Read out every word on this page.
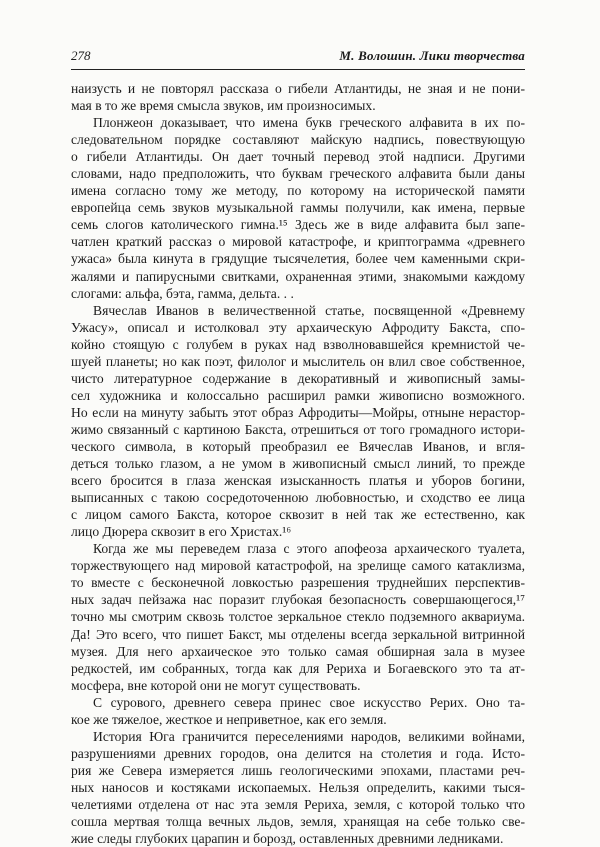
278	М. Волошин. Лики творчества

наизусть и не повторял рассказа о гибели Атлантиды, не зная и не пони-
мая в то же время смысла звуков, им произносимых.

Плонжеон доказывает, что имена букв греческого алфавита в их по-
следовательном порядке составляют майскую надпись, повествующую
о гибели Атлантиды. Он дает точный перевод этой надписи. Другими
словами, надо предположить, что буквам греческого алфавита были даны
имена согласно тому же методу, по которому на исторической памяти
европейца семь звуков музыкальной гаммы получили, как имена, первые
семь слогов католического гимна.¹⁵ Здесь же в виде алфавита был запе-
чатлен краткий рассказ о мировой катастрофе, и криптограмма «древнего
ужаса» была кинута в грядущие тысячелетия, более чем каменными скри-
жалями и папирусными свитками, охраненная этими, знакомыми каждому
слогами: альфа, бэта, гамма, дельта. . .

Вячеслав Иванов в величественной статье, посвященной «Древнему
Ужасу», описал и истолковал эту архаическую Афродиту Бакста, спо-
койно стоящую с голубем в руках над взволновавшейся кремнистой че-
шуей планеты; но как поэт, филолог и мыслитель он влил свое собственное,
чисто литературное содержание в декоративный и живописный замы-
сел художника и колоссально расширил рамки живописно возможного.
Но если на минуту забыть этот образ Афродиты—Мойры, отныне нерастор-
жимо связанный с картиною Бакста, отрешиться от того громадного истори-
ческого символа, в который преобразил ее Вячеслав Иванов, и вгля-
деться только глазом, а не умом в живописный смысл линий, то прежде
всего бросится в глаза женская изысканность платья и уборов богини,
выписанных с такою сосредоточенною любовностью, и сходство ее лица
с лицом самого Бакста, которое сквозит в ней так же естественно, как
лицо Дюрера сквозит в его Христах.¹⁶

Когда же мы переведем глаза с этого апофеоза архаического туалета,
торжествующего над мировой катастрофой, на зрелище самого катаклизма,
то вместе с бесконечной ловкостью разрешения труднейших перспектив-
ных задач пейзажа нас поразит глубокая безопасность совершающегося,¹⁷
точно мы смотрим сквозь толстое зеркальное стекло подземного аквариума.
Да! Это всего, что пишет Бакст, мы отделены всегда зеркальной витринной
музея. Для него архаическое это только самая обширная зала в музее
редкостей, им собранных, тогда как для Рериха и Богаевского это та ат-
мосфера, вне которой они не могут существовать.

С сурового, древнего севера принес свое искусство Рерих. Оно та-
кое же тяжелое, жесткое и неприветное, как его земля.

История Юга граничится переселениями народов, великими войнами,
разрушениями древних городов, она делится на столетия и года. Исто-
рия же Севера измеряется лишь геологическими эпохами, пластами реч-
ных наносов и костяками ископаемых. Нельзя определить, какими тыся-
челетиями отделена от нас эта земля Рериха, земля, с которой только что
сошла мертвая толща вечных льдов, земля, хранящая на себе только све-
жие следы глубоких царапин и борозд, оставленных древними ледниками.
